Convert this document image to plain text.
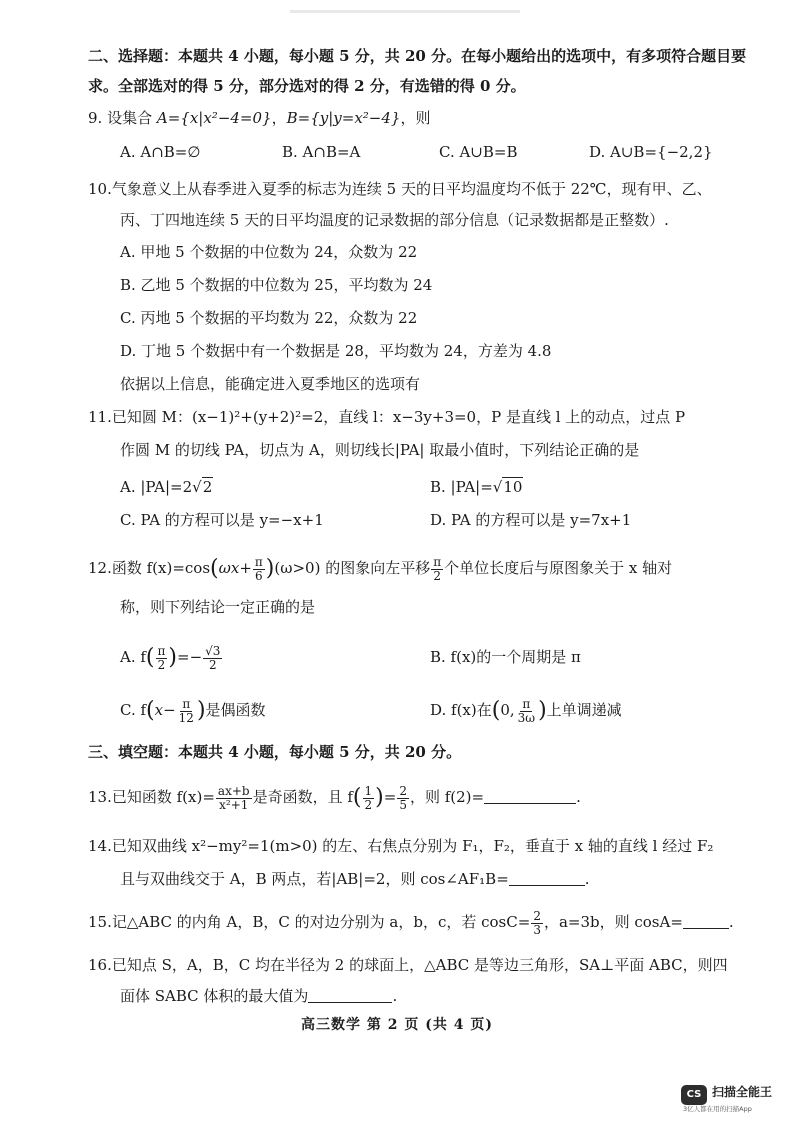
二、选择题：本题共 4 小题，每小题 5 分，共 20 分。在每小题给出的选项中，有多项符合题目要
求。全部选对的得 5 分，部分选对的得 2 分，有选错的得 0 分。
9. 设集合 A={x|x²−4=0}，B={y|y=x²−4}，则
A. A∩B=∅	B. A∩B=A	C. A∪B=B	D. A∪B={−2,2}
10.气象意义上从春季进入夏季的标志为连续 5 天的日平均温度均不低于 22℃，现有甲、乙、
丙、丁四地连续 5 天的日平均温度的记录数据的部分信息（记录数据都是正整数）.
A. 甲地 5 个数据的中位数为 24，众数为 22
B. 乙地 5 个数据的中位数为 25，平均数为 24
C. 丙地 5 个数据的平均数为 22，众数为 22
D. 丁地 5 个数据中有一个数据是 28，平均数为 24，方差为 4.8
依据以上信息，能确定进入夏季地区的选项有
11.已知圆 M：(x−1)²+(y+2)²=2，直线 l：x−3y+3=0，P 是直线 l 上的动点，过点 P
作圆 M 的切线 PA，切点为 A，则切线长|PA| 取最小值时，下列结论正确的是
A. |PA|=2√2	B. |PA|=√10
C. PA 的方程可以是 y=−x+1	D. PA 的方程可以是 y=7x+1
12.函数 $f(x)=\cos(\omega x+ \frac{\pi}{6} )(\omega>0)$ 的图象向左平移 $\frac{\pi}{2}$ 个单位长度后与原图象关于 x 轴对
称，则下列结论一定正确的是
A. $f( \frac{\pi}{2}$ )=− $\frac{√3}{2}$	B. f(x)的一个周期是 π
C. $f(x- \frac{\pi}{12}$ )是偶函数	D. f(x)在(0, $\frac{\pi}{3\omega}$ )上单调递减
三、填空题：本题共 4 小题，每小题 5 分，共 20 分。
13.已知函数 $f(x)= \frac{ax+b}{\text{x²+1}}$ 是奇函数，且 $f( \frac{1}{2}$ )= $\frac{2}{5}$ ，则 f(2)=	.
14.已知双曲线 x²−my²=1(m>0) 的左、右焦点分别为 F₁，F₂，垂直于 x 轴的直线 l 经过 F₂
且与双曲线交于 A，B 两点，若|AB|=2，则 cos∠AF₁B=	.
15.记△ABC 的内角 A，B，C 的对边分别为 a，b，c，若 $\cos C= \frac{2}{3}$ ，a=3b，则 cosA=	.
16.已知点 S，A，B，C 均在半径为 2 的球面上，△ABC 是等边三角形，SA⊥平面 ABC，则四
面体 SABC 体积的最大值为	.
高三数学 第 2 页 (共 4 页)
CS 扫描全能王
3亿人都在用的扫描App
